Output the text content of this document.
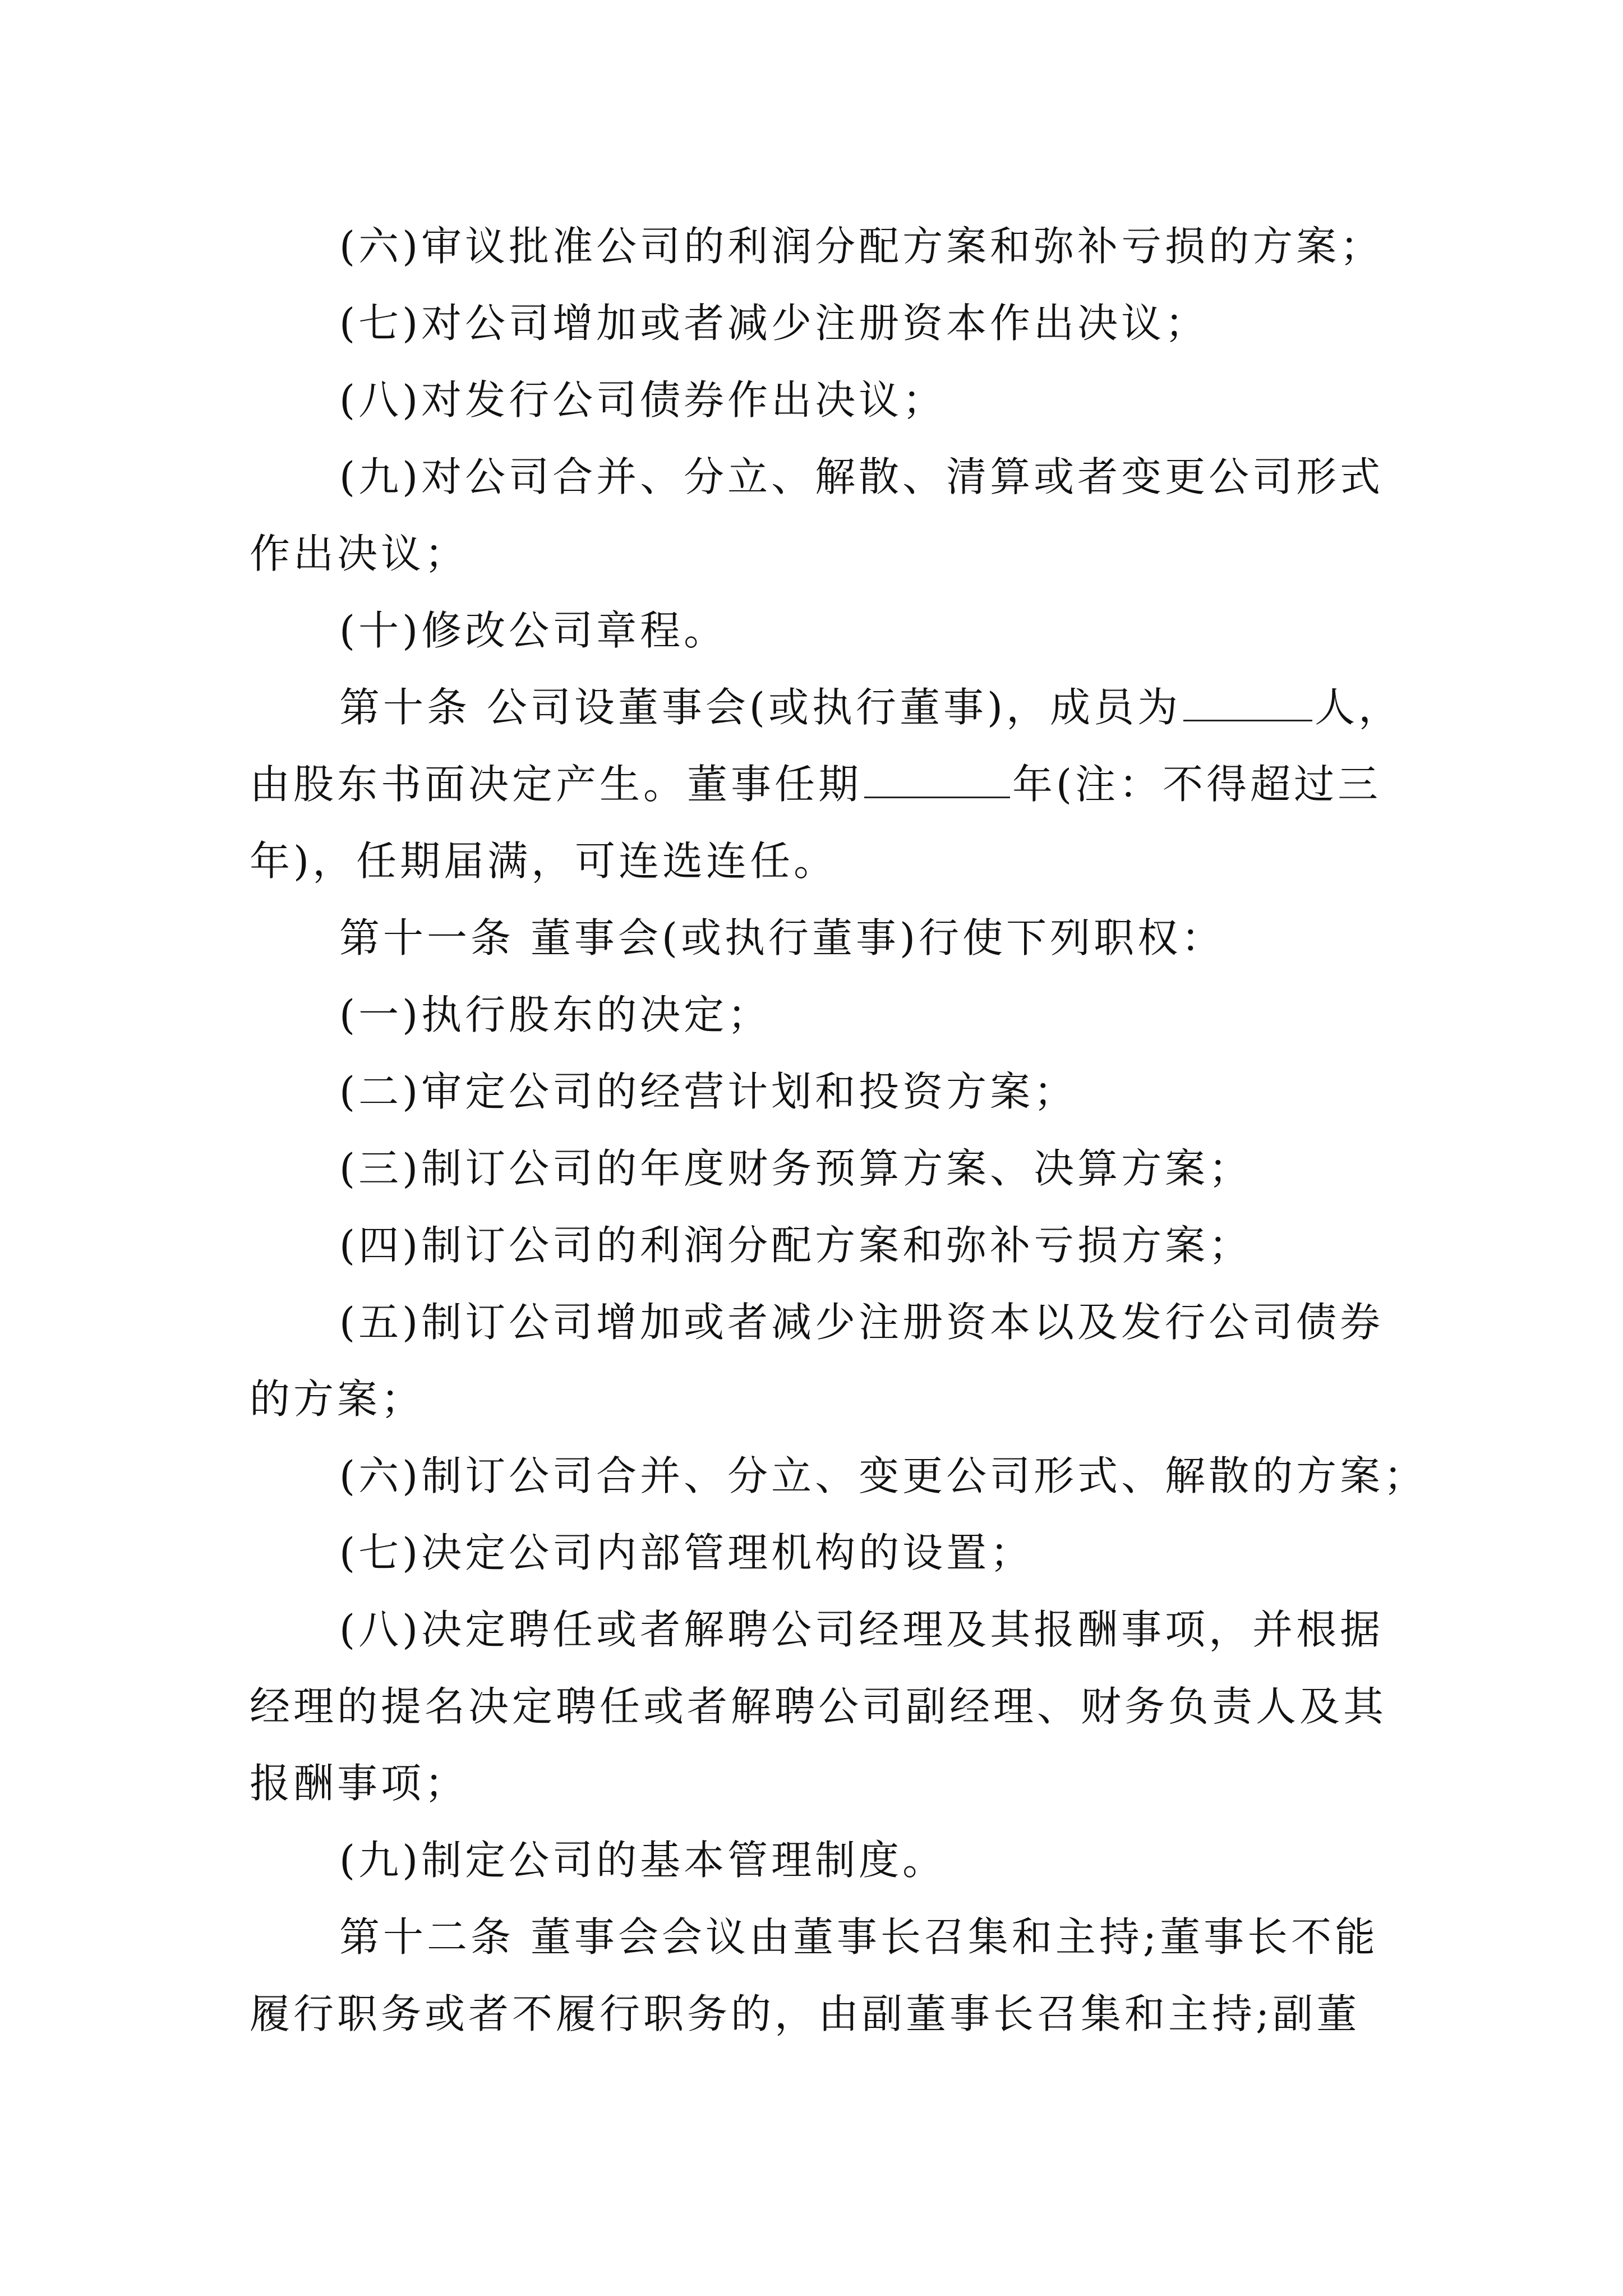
(六)审议批准公司的利润分配方案和弥补亏损的方案；
(七)对公司增加或者减少注册资本作出决议；
(八)对发行公司债券作出决议；
(九)对公司合并、分立、解散、清算或者变更公司形式
作出决议；
(十)修改公司章程。
第十条 公司设董事会(或执行董事)，成员为	人，
由股东书面决定产生。董事任期	年(注：不得超过三
年)，任期届满，可连选连任。
第十一条 董事会(或执行董事)行使下列职权：
(一)执行股东的决定；
(二)审定公司的经营计划和投资方案；
(三)制订公司的年度财务预算方案、决算方案；
(四)制订公司的利润分配方案和弥补亏损方案；
(五)制订公司增加或者减少注册资本以及发行公司债券
的方案；
(六)制订公司合并、分立、变更公司形式、解散的方案；
(七)决定公司内部管理机构的设置；
(八)决定聘任或者解聘公司经理及其报酬事项，并根据
经理的提名决定聘任或者解聘公司副经理、财务负责人及其
报酬事项；
(九)制定公司的基本管理制度。
第十二条 董事会会议由董事长召集和主持;董事长不能
履行职务或者不履行职务的，由副董事长召集和主持;副董
